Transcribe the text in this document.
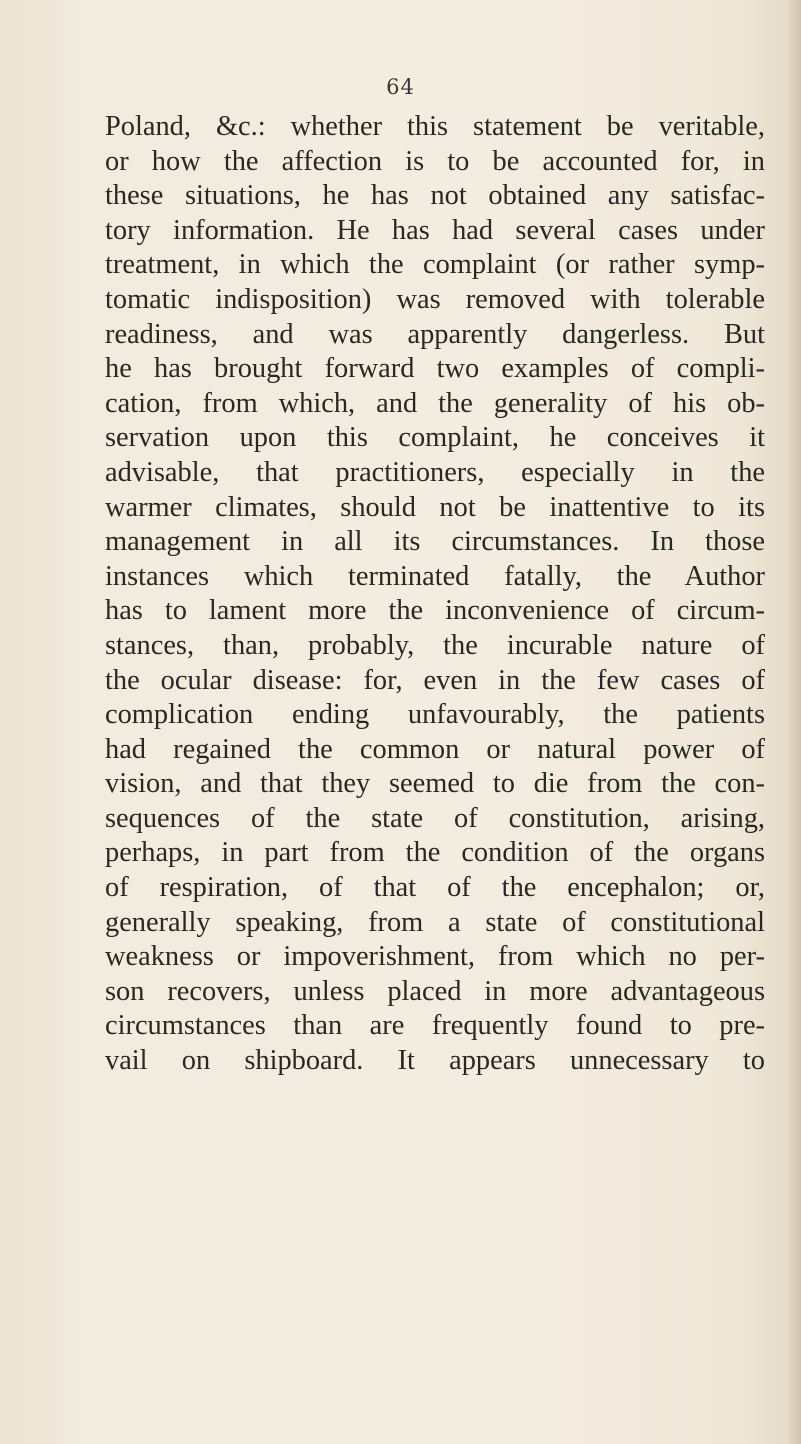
64
Poland, &c.: whether this statement be veritable,
or how the affection is to be accounted for, in
these situations, he has not obtained any satisfac-
tory information. He has had several cases under
treatment, in which the complaint (or rather symp-
tomatic indisposition) was removed with tolerable
readiness, and was apparently dangerless. But
he has brought forward two examples of compli-
cation, from which, and the generality of his ob-
servation upon this complaint, he conceives it
advisable, that practitioners, especially in the
warmer climates, should not be inattentive to its
management in all its circumstances. In those
instances which terminated fatally, the Author
has to lament more the inconvenience of circum-
stances, than, probably, the incurable nature of
the ocular disease: for, even in the few cases of
complication ending unfavourably, the patients
had regained the common or natural power of
vision, and that they seemed to die from the con-
sequences of the state of constitution, arising,
perhaps, in part from the condition of the organs
of respiration, of that of the encephalon; or,
generally speaking, from a state of constitutional
weakness or impoverishment, from which no per-
son recovers, unless placed in more advantageous
circumstances than are frequently found to pre-
vail on shipboard. It appears unnecessary to
